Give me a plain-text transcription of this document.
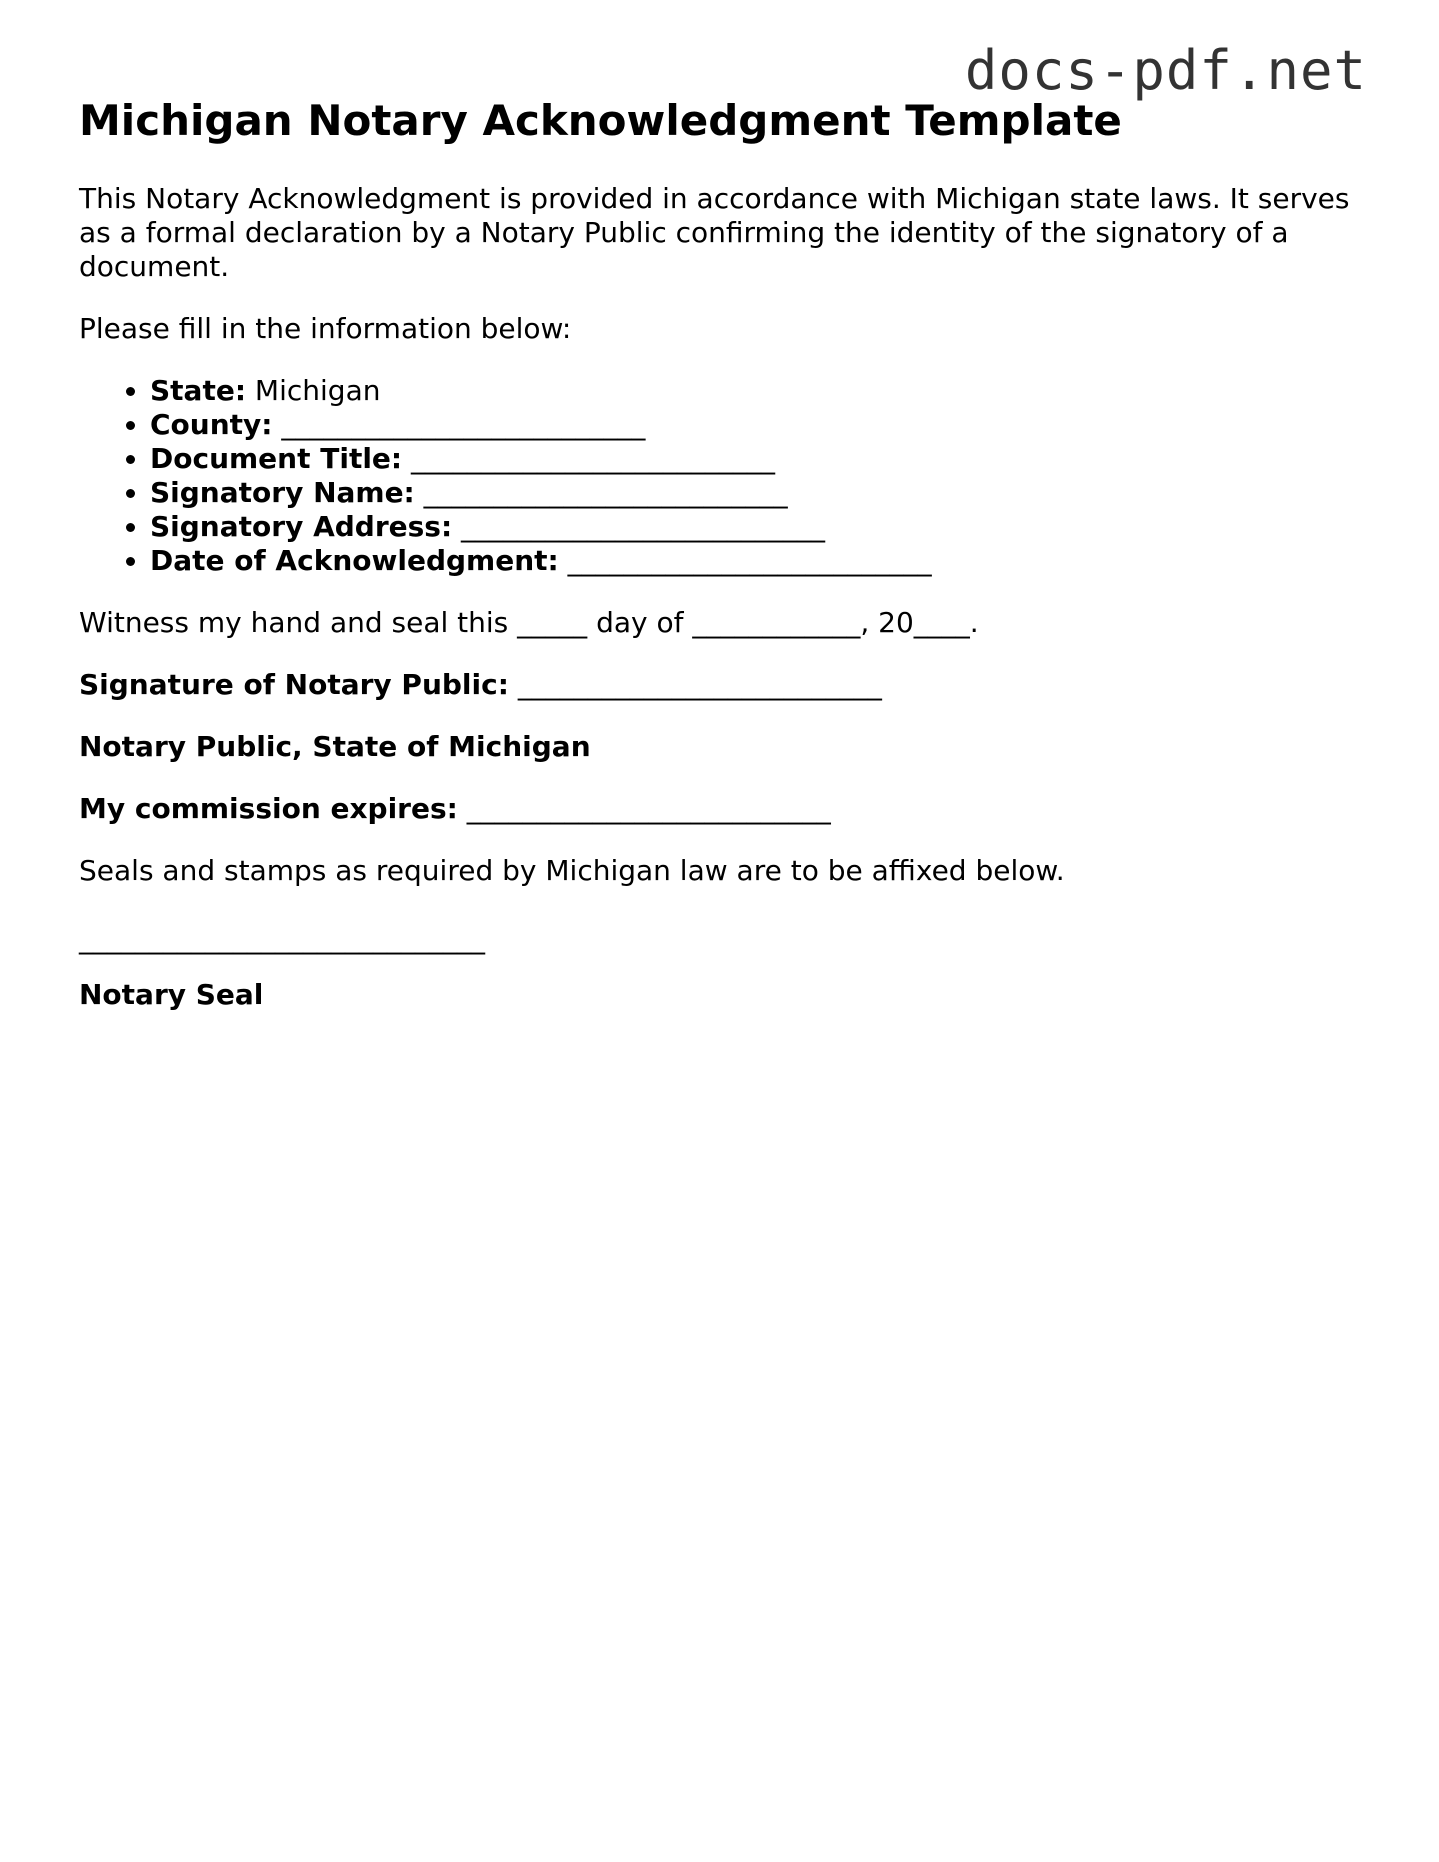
docs-pdf.net
Michigan Notary Acknowledgment Template

This Notary Acknowledgment is provided in accordance with Michigan state laws. It serves as a formal declaration by a Notary Public confirming the identity of the signatory of a document.

Please fill in the information below:

• State: Michigan
• County: __________________________
• Document Title: __________________________
• Signatory Name: __________________________
• Signatory Address: __________________________
• Date of Acknowledgment: __________________________

Witness my hand and seal this _____ day of ____________, 20____.

Signature of Notary Public: __________________________

Notary Public, State of Michigan

My commission expires: __________________________

Seals and stamps as required by Michigan law are to be affixed below.

_____________________________

Notary Seal
